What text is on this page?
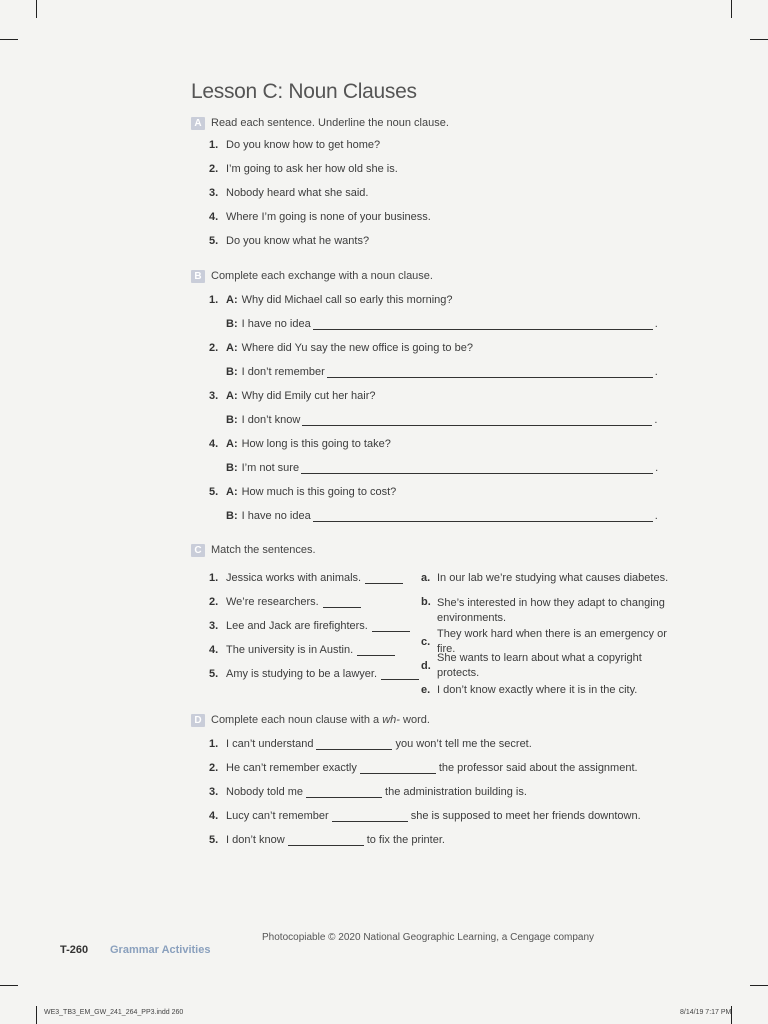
Lesson C: Noun Clauses
A Read each sentence. Underline the noun clause.
1. Do you know how to get home?
2. I’m going to ask her how old she is.
3. Nobody heard what she said.
4. Where I’m going is none of your business.
5. Do you know what he wants?
B Complete each exchange with a noun clause.
1. A: Why did Michael call so early this morning?
B: I have no idea	.
2. A: Where did Yu say the new office is going to be?
B: I don’t remember	.
3. A: Why did Emily cut her hair?
B: I don’t know	.
4. A: How long is this going to take?
B: I’m not sure	.
5. A: How much is this going to cost?
B: I have no idea	.
C Match the sentences.
1. Jessica works with animals.
2. We’re researchers.
3. Lee and Jack are firefighters.
4. The university is in Austin.
5. Amy is studying to be a lawyer.
a. In our lab we’re studying what causes diabetes.
b. She’s interested in how they adapt to changing
environments.
c.
They work hard when there is an emergency or fire.
d.
She wants to learn about what a copyright protects.
e. I don’t know exactly where it is in the city.
D Complete each noun clause with a wh- word.
1. I can’t understand	you won’t tell me the secret.
2. He can’t remember exactly	the professor said about the assignment.
3. Nobody told me	the administration building is.
4. Lucy can’t remember	she is supposed to meet her friends downtown.
5. I don’t know	to fix the printer.
Photocopiable © 2020 National Geographic Learning, a Cengage company
T-260 Grammar Activities
WE3_TB3_EM_GW_241_264_PP3.indd 260	8/14/19 7:17 PM
